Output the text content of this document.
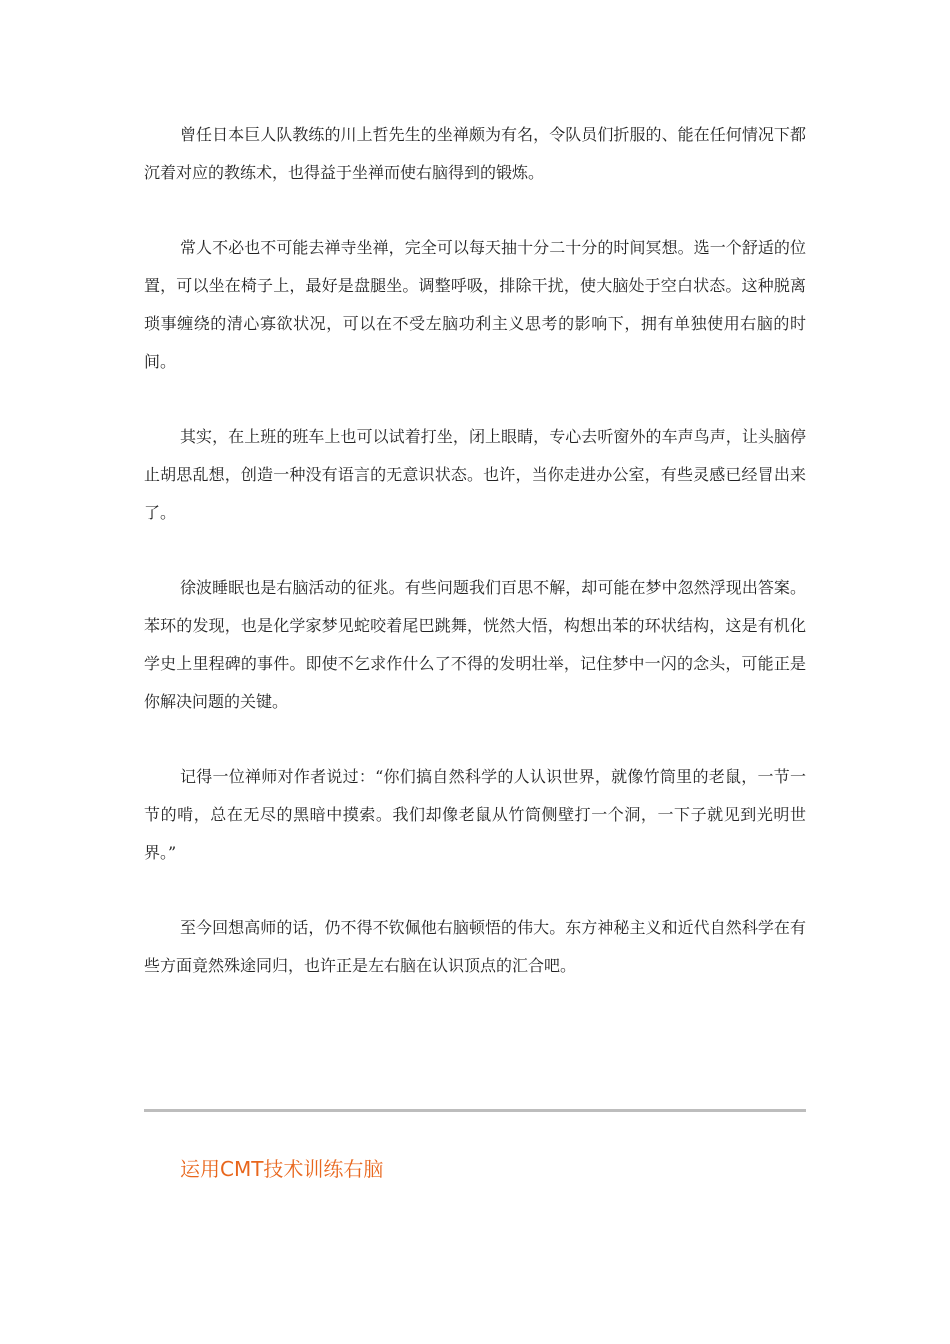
曾任日本巨人队教练的川上哲先生的坐禅颇为有名，令队员们折服的、能在任何情况下都沉着对应的教练术，也得益于坐禅而使右脑得到的锻炼。

常人不必也不可能去禅寺坐禅，完全可以每天抽十分二十分的时间冥想。选一个舒适的位置，可以坐在椅子上，最好是盘腿坐。调整呼吸，排除干扰，使大脑处于空白状态。这种脱离琐事缠绕的清心寡欲状况，可以在不受左脑功利主义思考的影响下，拥有单独使用右脑的时间。

其实，在上班的班车上也可以试着打坐，闭上眼睛，专心去听窗外的车声鸟声，让头脑停止胡思乱想，创造一种没有语言的无意识状态。也许，当你走进办公室，有些灵感已经冒出来了。

徐波睡眠也是右脑活动的征兆。有些问题我们百思不解，却可能在梦中忽然浮现出答案。苯环的发现，也是化学家梦见蛇咬着尾巴跳舞，恍然大悟，构想出苯的环状结构，这是有机化学史上里程碑的事件。即使不乞求作什么了不得的发明壮举，记住梦中一闪的念头，可能正是你解决问题的关键。

记得一位禅师对作者说过：“你们搞自然科学的人认识世界，就像竹筒里的老鼠，一节一节的啃，总在无尽的黑暗中摸索。我们却像老鼠从竹筒侧壁打一个洞，一下子就见到光明世界。”

至今回想高师的话，仍不得不钦佩他右脑顿悟的伟大。东方神秘主义和近代自然科学在有些方面竟然殊途同归，也许正是左右脑在认识顶点的汇合吧。

运用CMT技术训练右脑
